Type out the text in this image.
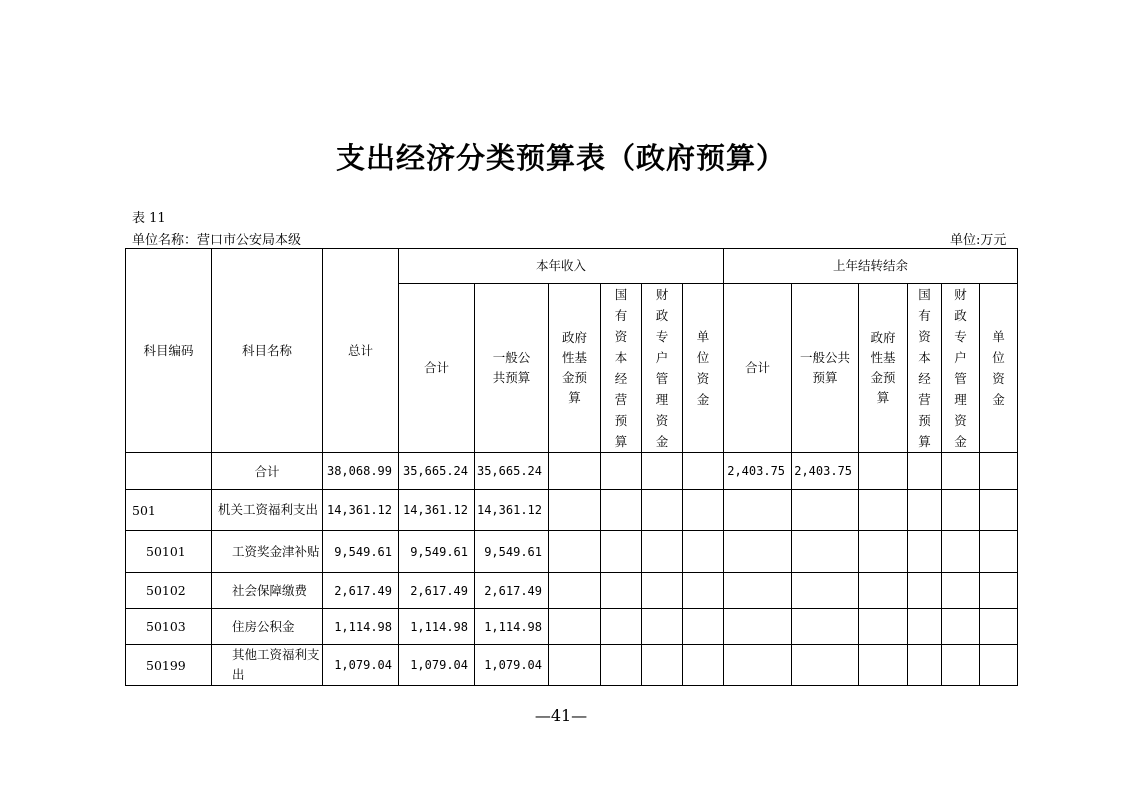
支出经济分类预算表（政府预算）
表 11
单位名称：营口市公安局本级	单位:万元
科目编码	科目名称	总计	本年收入						上年结转结余					
			合计	一般公共预算	政府性基金预算	国有资本经营预算	财政专户管理资金	单位资金	合计	一般公共预算	政府性基金预算	国有资本经营预算	财政专户管理资金	单位资金

	合计	38,068.99	35,665.24	35,665.24					2,403.75	2,403.75				
501	机关工资福利支出	14,361.12	14,361.12	14,361.12										
50101	工资奖金津补贴	9,549.61	9,549.61	9,549.61										
50102	社会保障缴费	2,617.49	2,617.49	2,617.49										
50103	住房公积金	1,114.98	1,114.98	1,114.98										
50199	其他工资福利支出	1,079.04	1,079.04	1,079.04										
—41—
